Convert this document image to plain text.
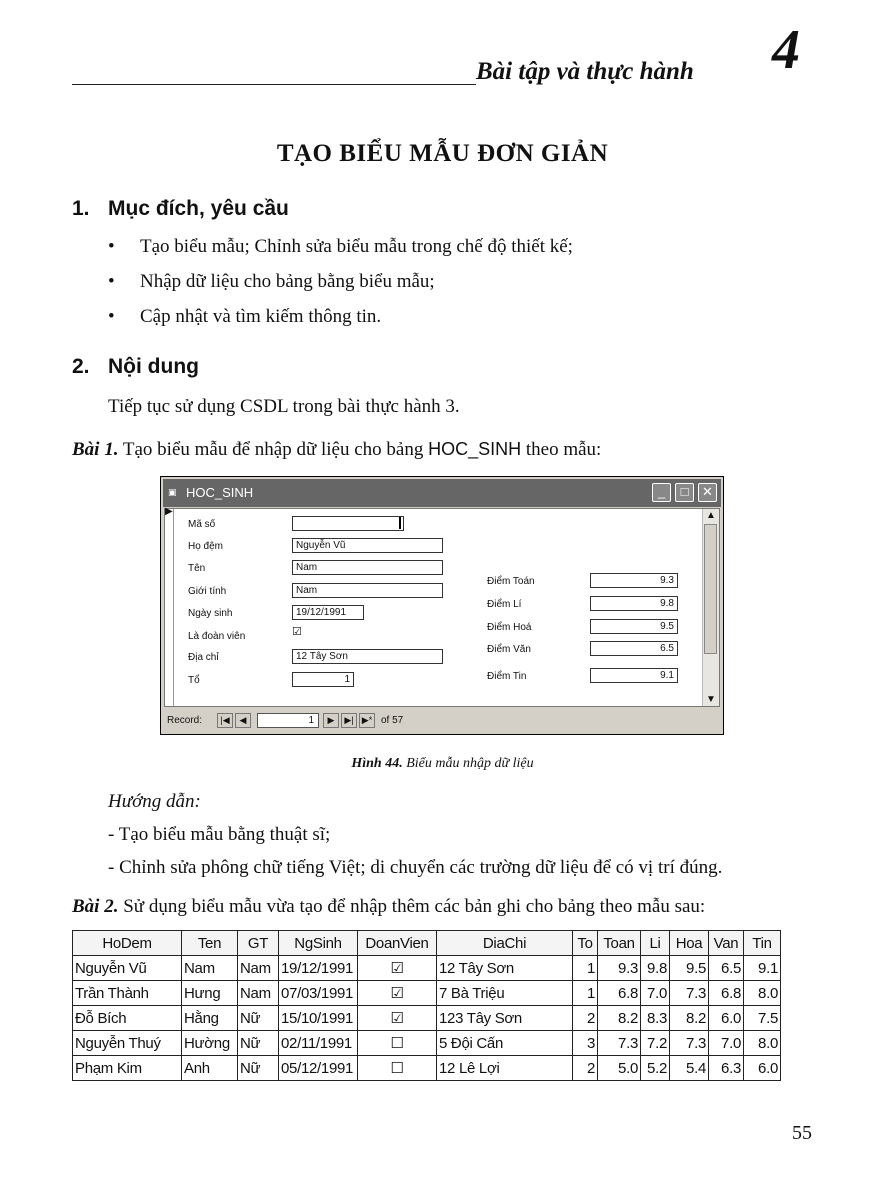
Bài tập và thực hành 4
TẠO BIỂU MẪU ĐƠN GIẢN
1. Mục đích, yêu cầu
• Tạo biểu mẫu; Chỉnh sửa biểu mẫu trong chế độ thiết kế;
• Nhập dữ liệu cho bảng bằng biểu mẫu;
• Cập nhật và tìm kiếm thông tin.
2. Nội dung
Tiếp tục sử dụng CSDL trong bài thực hành 3.
Bài 1. Tạo biểu mẫu để nhập dữ liệu cho bảng HOC_SINH theo mẫu:
▣ HOC_SINH	_	□	✕
▶
Mã số
Họ đệm	Nguyễn Vũ
Tên	Nam
Giới tính	Nam
Ngày sinh	19/12/1991
Là đoàn viên	☑
Địa chỉ	12 Tây Sơn
Tổ	1
Điểm Toán	9.3
Điểm Lí	9.8
Điểm Hoá	9.5
Điểm Văn	6.5
Điểm Tin	9.1
▲
▼
Record:	|◀	◀	1	▶	▶| ▶* of 57
Hình 44. Biểu mẫu nhập dữ liệu
Hướng dẫn:
- Tạo biểu mẫu bằng thuật sĩ;
- Chỉnh sửa phông chữ tiếng Việt; di chuyển các trường dữ liệu để có vị trí đúng.
Bài 2. Sử dụng biểu mẫu vừa tạo để nhập thêm các bản ghi cho bảng theo mẫu sau:
HoDem	Ten	GT	NgSinh	DoanVien	DiaChi	To	Toan	Li	Hoa	Van	Tin
Nguyễn Vũ	Nam	Nam	19/12/1991	☑	12 Tây Sơn	1	9.3	9.8	9.5	6.5	9.1
Trần Thành	Hưng	Nam	07/03/1991	☑	7 Bà Triệu	1	6.8	7.0	7.3	6.8	8.0
Đỗ Bích	Hằng	Nữ	15/10/1991	☑	123 Tây Sơn	2	8.2	8.3	8.2	6.0	7.5
Nguyễn Thuý	Hường	Nữ	02/11/1991	☐	5 Đội Cấn	3	7.3	7.2	7.3	7.0	8.0
Phạm Kim	Anh	Nữ	05/12/1991	☐	12 Lê Lợi	2	5.0	5.2	5.4	6.3	6.0
55
